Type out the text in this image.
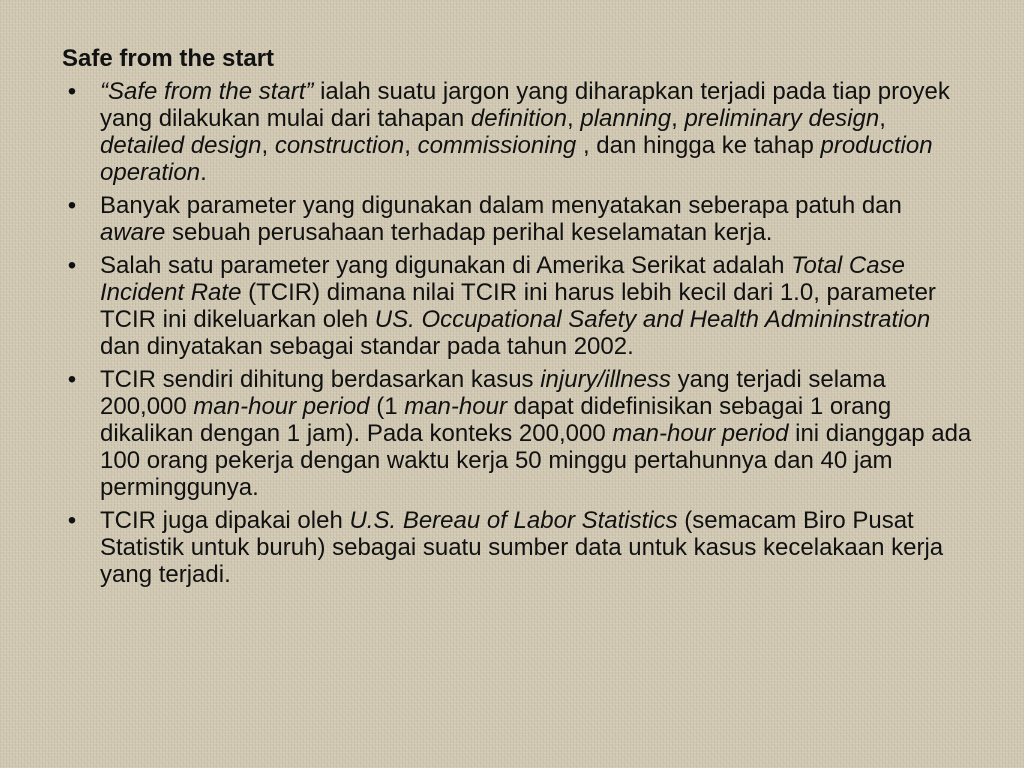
Safe from the start
• “Safe from the start” ialah suatu jargon yang diharapkan terjadi pada tiap proyek yang dilakukan mulai dari tahapan definition, planning, preliminary design, detailed design, construction, commissioning , dan hingga ke tahap production operation.
• Banyak parameter yang digunakan dalam menyatakan seberapa patuh dan aware sebuah perusahaan terhadap perihal keselamatan kerja.
• Salah satu parameter yang digunakan di Amerika Serikat adalah Total Case Incident Rate (TCIR) dimana nilai TCIR ini harus lebih kecil dari 1.0, parameter TCIR ini dikeluarkan oleh US. Occupational Safety and Health Admininstration dan dinyatakan sebagai standar pada tahun 2002.
• TCIR sendiri dihitung berdasarkan kasus injury/illness yang terjadi selama 200,000 man-hour period (1 man-hour dapat didefinisikan sebagai 1 orang dikalikan dengan 1 jam). Pada konteks 200,000 man-hour period ini dianggap ada 100 orang pekerja dengan waktu kerja 50 minggu pertahunnya dan 40 jam perminggunya.
• TCIR juga dipakai oleh U.S. Bereau of Labor Statistics (semacam Biro Pusat Statistik untuk buruh) sebagai suatu sumber data untuk kasus kecelakaan kerja yang terjadi.
